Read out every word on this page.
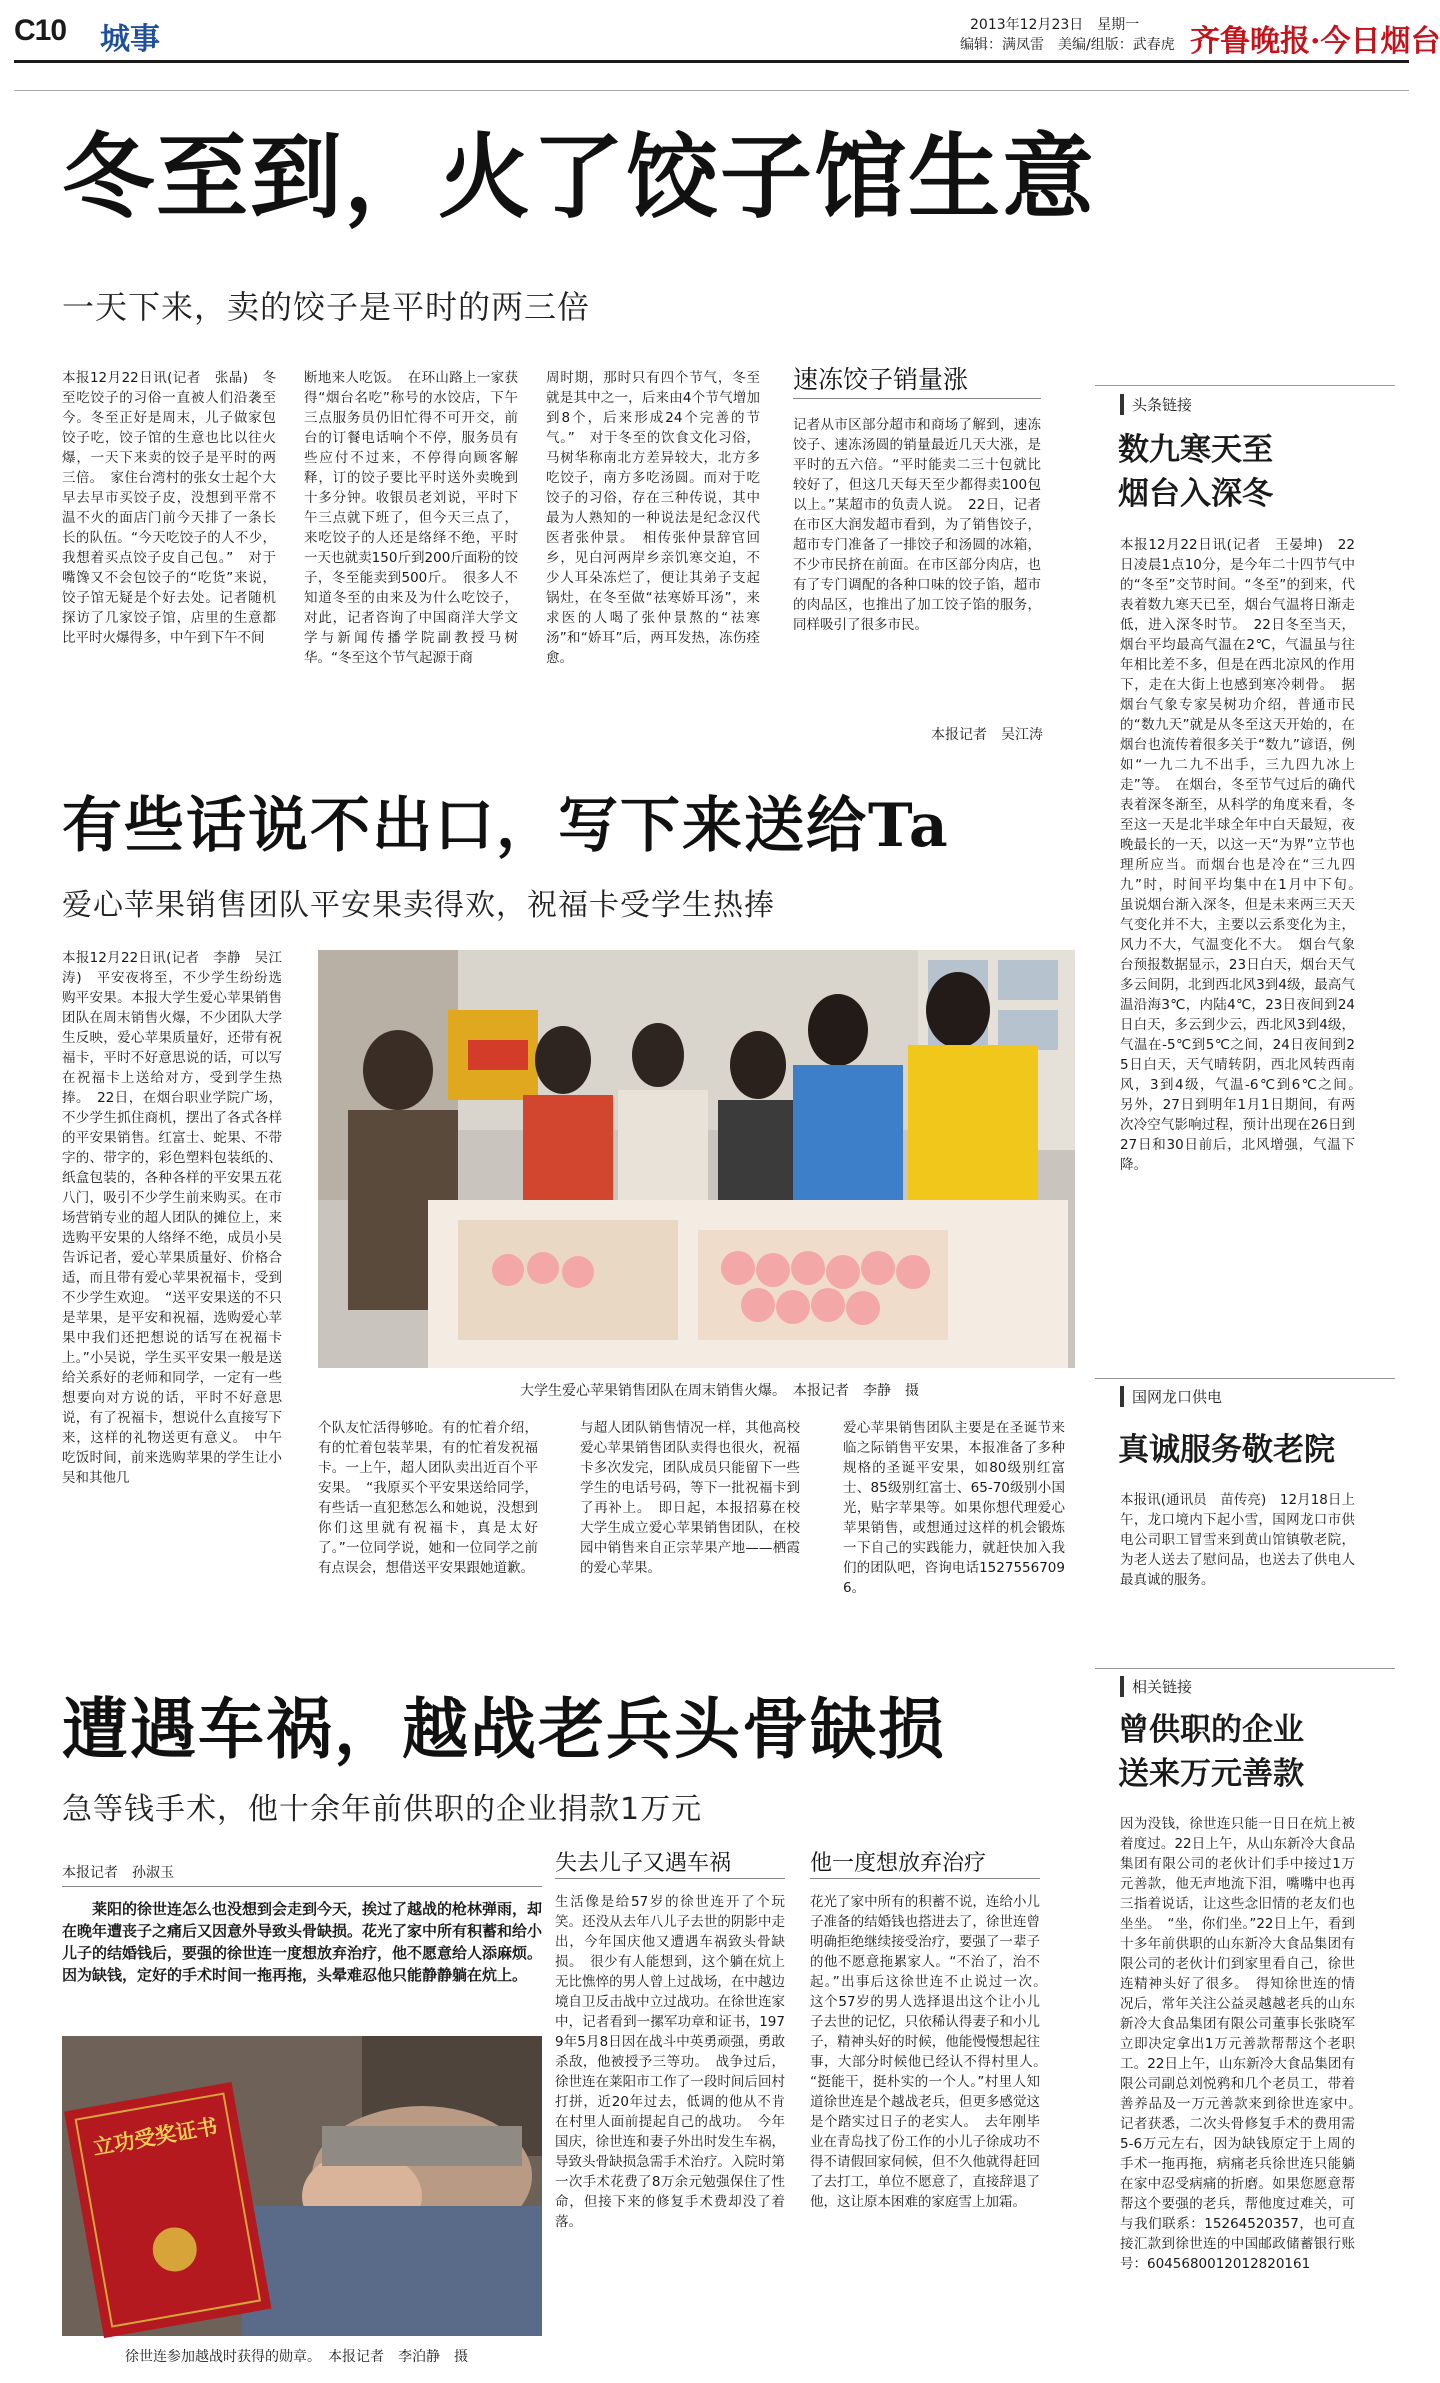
C10 城事	2013年12月23日　星期一
编辑：满凤雷　美编/组版：武春虎 齐鲁晚报·今日烟台
冬至到，火了饺子馆生意
一天下来，卖的饺子是平时的两三倍
本报12月22日讯(记者　张晶)　冬至吃饺子的习俗一直被人们沿袭至今。冬至正好是周末，儿子做家包饺子吃，饺子馆的生意也比以往火爆，一天下来卖的饺子是平时的两三倍。　家住台湾村的张女士起个大早去早市买饺子皮，没想到平常不温不火的面店门前今天排了一条长长的队伍。“今天吃饺子的人不少，我想着买点饺子皮自己包。”　对于嘴馋又不会包饺子的“吃货”来说，饺子馆无疑是个好去处。记者随机探访了几家饺子馆，店里的生意都比平时火爆得多，中午到下午不间
断地来人吃饭。　在环山路上一家获得“烟台名吃”称号的水饺店，下午三点服务员仍旧忙得不可开交，前台的订餐电话响个不停，服务员有些应付不过来，不停得向顾客解释，订的饺子要比平时送外卖晚到十多分钟。收银员老刘说，平时下午三点就下班了，但今天三点了，来吃饺子的人还是络绎不绝，平时一天也就卖150斤到200斤面粉的饺子，冬至能卖到500斤。　很多人不知道冬至的由来及为什么吃饺子，对此，记者咨询了中国商洋大学文学与新闻传播学院副教授马树华。“冬至这个节气起源于商
周时期，那时只有四个节气，冬至就是其中之一，后来由4个节气增加到8个，后来形成24个完善的节气。”　对于冬至的饮食文化习俗，马树华称南北方差异较大，北方多吃饺子，南方多吃汤圆。而对于吃饺子的习俗，存在三种传说，其中最为人熟知的一种说法是纪念汉代医者张仲景。　相传张仲景辞官回乡，见白河两岸乡亲饥寒交迫，不少人耳朵冻烂了，便让其弟子支起锅灶，在冬至做“祛寒娇耳汤”，来求医的人喝了张仲景熬的“祛寒汤”和“娇耳”后，两耳发热，冻伤痊愈。
速冻饺子销量涨
记者从市区部分超市和商场了解到，速冻饺子、速冻汤圆的销量最近几天大涨，是平时的五六倍。“平时能卖二三十包就比较好了，但这几天每天至少都得卖100包以上。”某超市的负责人说。　22日，记者在市区大润发超市看到，为了销售饺子，超市专门准备了一排饺子和汤圆的冰箱，不少市民挤在前面。在市区部分肉店，也有了专门调配的各种口味的饺子馅，超市的肉品区，也推出了加工饺子馅的服务，同样吸引了很多市民。
本报记者　吴江涛
头条链接
数九寒天至
烟台入深冬
本报12月22日讯(记者　王晏坤)　22日凌晨1点10分，是今年二十四节气中的“冬至”交节时间。“冬至”的到来，代表着数九寒天已至，烟台气温将日渐走低，进入深冬时节。　22日冬至当天，烟台平均最高气温在2℃，气温虽与往年相比差不多，但是在西北凉风的作用下，走在大街上也感到寒冷刺骨。　据烟台气象专家吴树功介绍，普通市民的“数九天”就是从冬至这天开始的，在烟台也流传着很多关于“数九”谚语，例如“一九二九不出手，三九四九冰上走”等。　在烟台，冬至节气过后的确代表着深冬渐至，从科学的角度来看，冬至这一天是北半球全年中白天最短，夜晚最长的一天，以这一天“为界”立节也理所应当。而烟台也是冷在“三九四九”时，时间平均集中在1月中下旬。　虽说烟台渐入深冬，但是未来两三天天气变化并不大，主要以云系变化为主，风力不大，气温变化不大。　烟台气象台预报数据显示，23日白天，烟台天气多云间阴，北到西北风3到4级，最高气温沿海3℃，内陆4℃，23日夜间到24日白天，多云到少云，西北风3到4级，气温在-5℃到5℃之间，24日夜间到25日白天，天气晴转阴，西北风转西南风，3到4级，气温-6℃到6℃之间。　另外，27日到明年1月1日期间，有两次冷空气影响过程，预计出现在26日到27日和30日前后，北风增强，气温下降。
有些话说不出口，写下来送给Ta
爱心苹果销售团队平安果卖得欢，祝福卡受学生热捧
本报12月22日讯(记者　李静　吴江涛)　平安夜将至，不少学生纷纷选购平安果。本报大学生爱心苹果销售团队在周末销售火爆，不少团队大学生反映，爱心苹果质量好，还带有祝福卡，平时不好意思说的话，可以写在祝福卡上送给对方，受到学生热捧。　22日，在烟台职业学院广场，不少学生抓住商机，摆出了各式各样的平安果销售。红富士、蛇果、不带字的、带字的，彩色塑料包装纸的、纸盒包装的，各种各样的平安果五花八门，吸引不少学生前来购买。在市场营销专业的超人团队的摊位上，来选购平安果的人络绎不绝，成员小吴告诉记者，爱心苹果质量好、价格合适，而且带有爱心苹果祝福卡，受到不少学生欢迎。　“送平安果送的不只是苹果，是平安和祝福，选购爱心苹果中我们还把想说的话写在祝福卡上。”小吴说，学生买平安果一般是送给关系好的老师和同学，一定有一些想要向对方说的话，平时不好意思说，有了祝福卡，想说什么直接写下来，这样的礼物送更有意义。　中午吃饭时间，前来选购苹果的学生让小吴和其他几
大学生爱心苹果销售团队在周末销售火爆。　本报记者　李静　摄
个队友忙活得够呛。有的忙着介绍，有的忙着包装苹果，有的忙着发祝福卡。一上午，超人团队卖出近百个平安果。　“我原买个平安果送给同学，有些话一直犯愁怎么和她说，没想到你们这里就有祝福卡，真是太好了。”一位同学说，她和一位同学之前有点误会，想借送平安果跟她道歉。
与超人团队销售情况一样，其他高校爱心苹果销售团队卖得也很火，祝福卡多次发完，团队成员只能留下一些学生的电话号码，等下一批祝福卡到了再补上。　即日起，本报招募在校大学生成立爱心苹果销售团队，在校园中销售来自正宗苹果产地——栖霞的爱心苹果。
爱心苹果销售团队主要是在圣诞节来临之际销售平安果，本报准备了多种规格的圣诞平安果，如80级别红富士、85级别红富士、65-70级别小国光，贴字苹果等。如果你想代理爱心苹果销售，或想通过这样的机会锻炼一下自己的实践能力，就赶快加入我们的团队吧，咨询电话15275567096。
国网龙口供电
真诚服务敬老院
本报讯(通讯员　苗传亮)　12月18日上午，龙口境内下起小雪，国网龙口市供电公司职工冒雪来到黄山馆镇敬老院，为老人送去了慰问品，也送去了供电人最真诚的服务。
遭遇车祸，越战老兵头骨缺损
急等钱手术，他十余年前供职的企业捐款1万元
本报记者　孙淑玉
莱阳的徐世连怎么也没想到会走到今天，挨过了越战的枪林弹雨，却在晚年遭丧子之痛后又因意外导致头骨缺损。花光了家中所有积蓄和给小儿子的结婚钱后，要强的徐世连一度想放弃治疗，他不愿意给人添麻烦。因为缺钱，定好的手术时间一拖再拖，头晕难忍他只能静静躺在炕上。
立功受奖证书
徐世连参加越战时获得的勋章。　本报记者　李泊静　摄
失去儿子又遇车祸
生活像是给57岁的徐世连开了个玩笑。还没从去年八儿子去世的阴影中走出，今年国庆他又遭遇车祸致头骨缺损。　很少有人能想到，这个躺在炕上无比憔悴的男人曾上过战场，在中越边境自卫反击战中立过战功。在徐世连家中，记者看到一摞军功章和证书，1979年5月8日因在战斗中英勇顽强，勇敢杀敌，他被授予三等功。　战争过后，徐世连在莱阳市工作了一段时间后回村打拼，近20年过去，低调的他从不肯在村里人面前提起自己的战功。　今年国庆，徐世连和妻子外出时发生车祸，导致头骨缺损急需手术治疗。入院时第一次手术花费了8万余元勉强保住了性命，但接下来的修复手术费却没了着落。
他一度想放弃治疗
花光了家中所有的积蓄不说，连给小儿子准备的结婚钱也搭进去了，徐世连曾明确拒绝继续接受治疗，要强了一辈子的他不愿意拖累家人。“不治了，治不起。”出事后这徐世连不止说过一次。　这个57岁的男人选择退出这个让小儿子去世的记忆，只依稀认得妻子和小儿子，精神头好的时候，他能慢慢想起往事，大部分时候他已经认不得村里人。　“挺能干，挺朴实的一个人。”村里人知道徐世连是个越战老兵，但更多感觉这是个踏实过日子的老实人。　去年刚毕业在青岛找了份工作的小儿子徐成功不得不请假回家伺候，但不久他就得赶回了去打工，单位不愿意了，直接辞退了他，这让原本困难的家庭雪上加霜。
相关链接
曾供职的企业
送来万元善款
因为没钱，徐世连只能一日日在炕上被着度过。22日上午，从山东新冷大食品集团有限公司的老伙计们手中接过1万元善款，他无声地流下泪，嘴嘴中也再三指着说话，让这些念旧情的老友们也坐坐。　“坐，你们坐。”22日上午，看到十多年前供职的山东新冷大食品集团有限公司的老伙计们到家里看自己，徐世连精神头好了很多。　得知徐世连的情况后，常年关注公益灵越越老兵的山东新冷大食品集团有限公司董事长张晓军立即决定拿出1万元善款帮帮这个老职工。22日上午，山东新冷大食品集团有限公司副总刘悦鸦和几个老员工，带着善养品及一万元善款来到徐世连家中。　记者获悉，二次头骨修复手术的费用需5-6万元左右，因为缺钱原定于上周的手术一拖再拖，病痛老兵徐世连只能躺在家中忍受病痛的折磨。如果您愿意帮帮这个要强的老兵，帮他度过难关，可与我们联系：15264520357，也可直接汇款到徐世连的中国邮政储蓄银行账号：6045680012012820161
